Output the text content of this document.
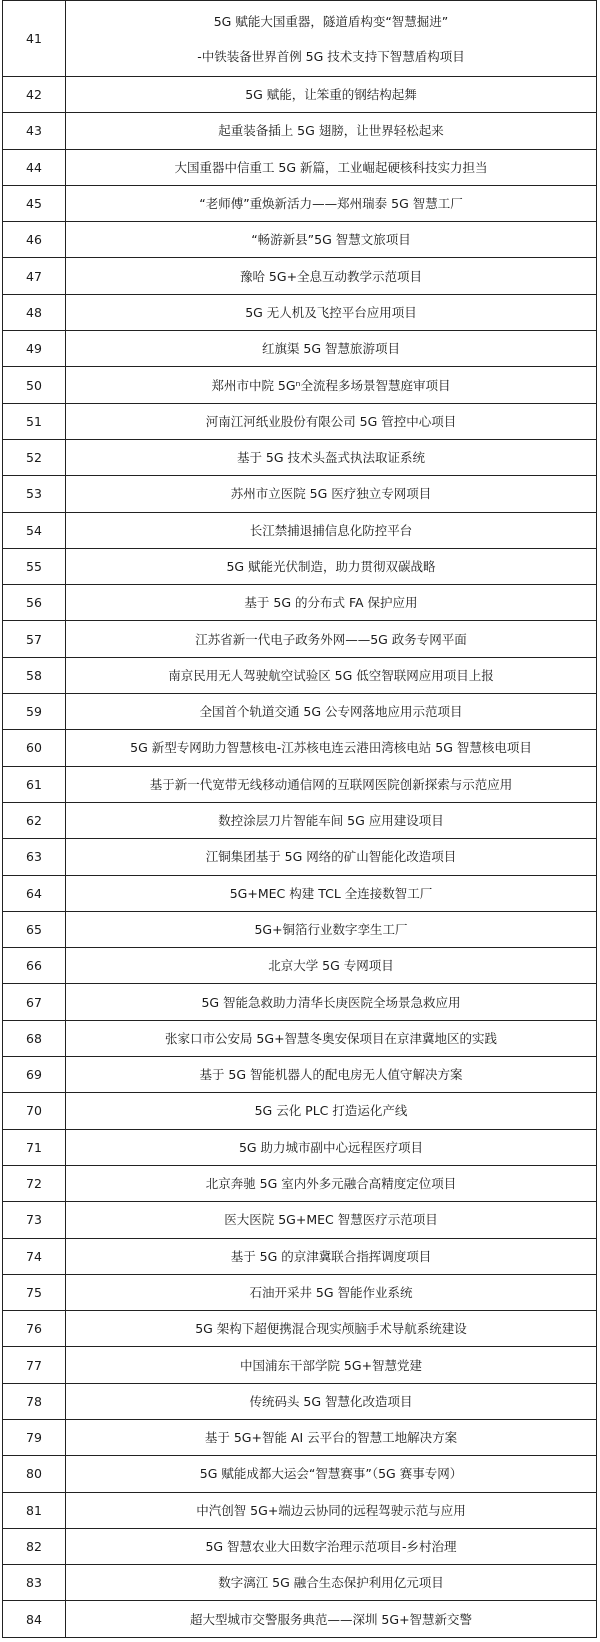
41	5G 赋能大国重器，隧道盾构变“智慧掘进”
-中铁装备世界首例 5G 技术支持下智慧盾构项目

42	5G 赋能，让笨重的钢结构起舞

43	起重装备插上 5G 翅膀，让世界轻松起来

44	大国重器中信重工 5G 新篇，工业崛起硬核科技实力担当

45	“老师傅”重焕新活力——郑州瑞泰 5G 智慧工厂

46	“畅游新县”5G 智慧文旅项目

47	豫哈 5G+全息互动教学示范项目

48	5G 无人机及飞控平台应用项目

49	红旗渠 5G 智慧旅游项目

50	郑州市中院 5Gⁿ全流程多场景智慧庭审项目

51	河南江河纸业股份有限公司 5G 管控中心项目

52	基于 5G 技术头盔式执法取证系统

53	苏州市立医院 5G 医疗独立专网项目

54	长江禁捕退捕信息化防控平台

55	5G 赋能光伏制造，助力贯彻双碳战略

56	基于 5G 的分布式 FA 保护应用

57	江苏省新一代电子政务外网——5G 政务专网平面

58	南京民用无人驾驶航空试验区 5G 低空智联网应用项目上报

59	全国首个轨道交通 5G 公专网落地应用示范项目

60	5G 新型专网助力智慧核电-江苏核电连云港田湾核电站 5G 智慧核电项目

61	基于新一代宽带无线移动通信网的互联网医院创新探索与示范应用

62	数控涂层刀片智能车间 5G 应用建设项目

63	江铜集团基于 5G 网络的矿山智能化改造项目

64	5G+MEC 构建 TCL 全连接数智工厂

65	5G+铜箔行业数字孪生工厂

66	北京大学 5G 专网项目

67	5G 智能急救助力清华长庚医院全场景急救应用

68	张家口市公安局 5G+智慧冬奥安保项目在京津冀地区的实践

69	基于 5G 智能机器人的配电房无人值守解决方案

70	5G 云化 PLC 打造运化产线

71	5G 助力城市副中心远程医疗项目

72	北京奔驰 5G 室内外多元融合高精度定位项目

73	医大医院 5G+MEC 智慧医疗示范项目

74	基于 5G 的京津冀联合指挥调度项目

75	石油开采井 5G 智能作业系统

76	5G 架构下超便携混合现实颅脑手术导航系统建设

77	中国浦东干部学院 5G+智慧党建

78	传统码头 5G 智慧化改造项目

79	基于 5G+智能 AI 云平台的智慧工地解决方案

80	5G 赋能成都大运会“智慧赛事”（5G 赛事专网）

81	中汽创智 5G+端边云协同的远程驾驶示范与应用

82	5G 智慧农业大田数字治理示范项目-乡村治理

83	数字漓江 5G 融合生态保护利用亿元项目

84	超大型城市交警服务典范——深圳 5G+智慧新交警
